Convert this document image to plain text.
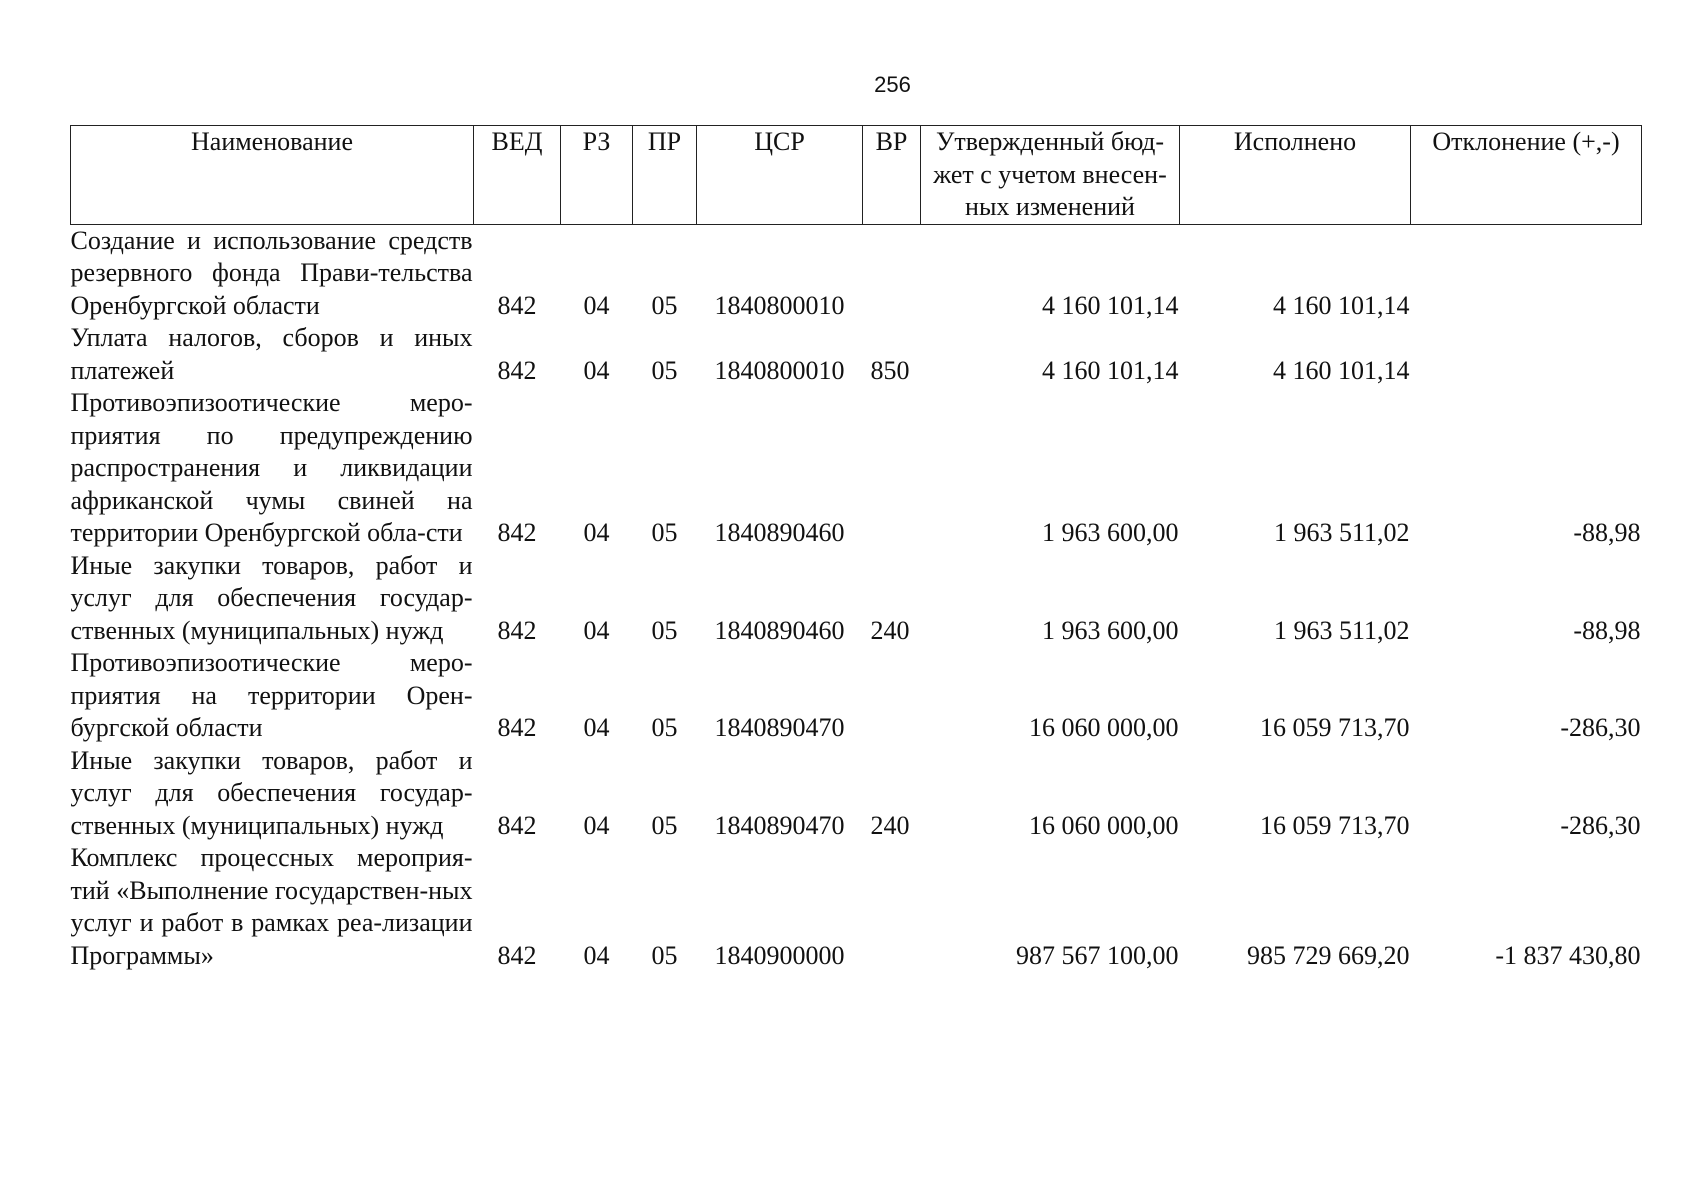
256
Наименование	ВЕД	РЗ	ПР	ЦСР	ВР	Утвержденный бюд-жет с учетом внесен-ных изменений	Исполнено	Отклонение (+,-)
Создание и использование средств резервного фонда Прави-тельства Оренбургской области	842	04	05	1840800010		4 160 101,14	4 160 101,14	
Уплата налогов, сборов и иных платежей	842	04	05	1840800010	850	4 160 101,14	4 160 101,14	
Противоэпизоотические меро-приятия по предупреждению распространения и ликвидации африканской чумы свиней на территории Оренбургской обла-сти	842	04	05	1840890460		1 963 600,00	1 963 511,02	-88,98
Иные закупки товаров, работ и услуг для обеспечения государ-ственных (муниципальных) нужд	842	04	05	1840890460	240	1 963 600,00	1 963 511,02	-88,98
Противоэпизоотические меро-приятия на территории Орен-бургской области	842	04	05	1840890470		16 060 000,00	16 059 713,70	-286,30
Иные закупки товаров, работ и услуг для обеспечения государ-ственных (муниципальных) нужд	842	04	05	1840890470	240	16 060 000,00	16 059 713,70	-286,30
Комплекс процессных мероприя-тий «Выполнение государствен-ных услуг и работ в рамках реа-лизации Программы»	842	04	05	1840900000		987 567 100,00	985 729 669,20	-1 837 430,80
